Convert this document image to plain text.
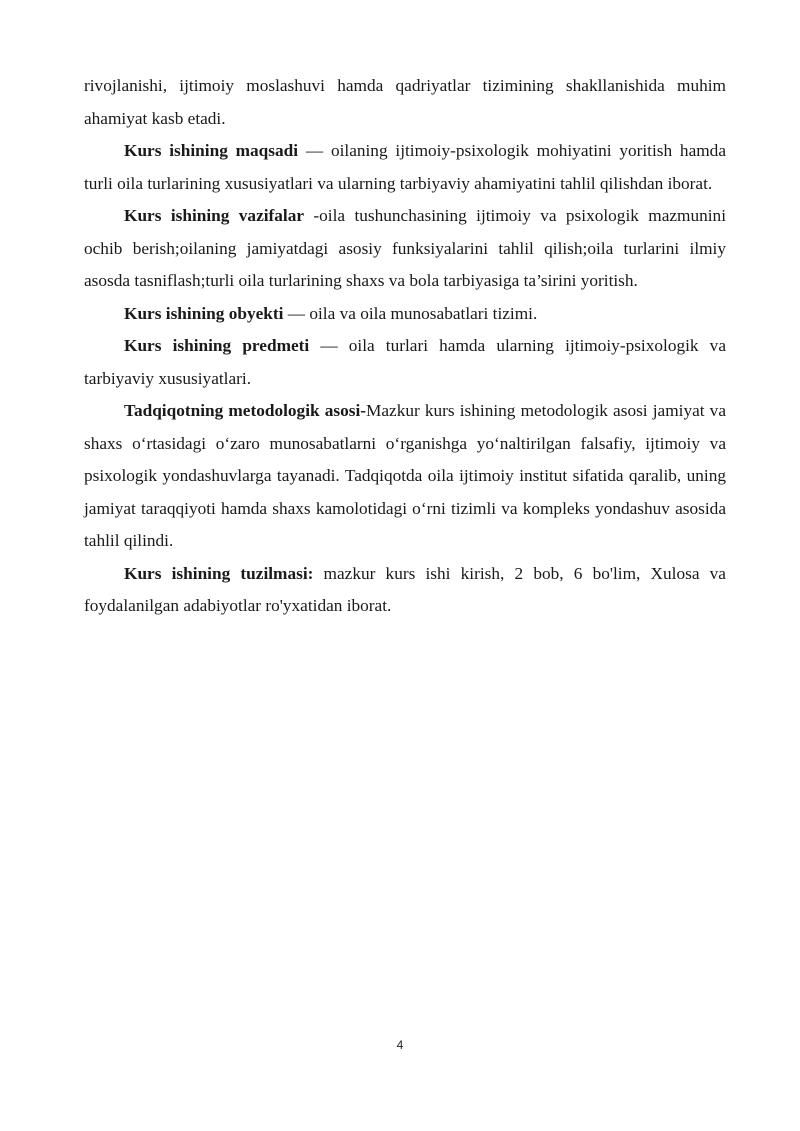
rivojlanishi, ijtimoiy moslashuvi hamda qadriyatlar tizimining shakllanishida muhim ahamiyat kasb etadi.

Kurs ishining maqsadi — oilaning ijtimoiy-psixologik mohiyatini yoritish hamda turli oila turlarining xususiyatlari va ularning tarbiyaviy ahamiyatini tahlil qilishdan iborat.

Kurs ishining vazifalar -oila tushunchasining ijtimoiy va psixologik mazmunini ochib berish;oilaning jamiyatdagi asosiy funksiyalarini tahlil qilish;oila turlarini ilmiy asosda tasniflash;turli oila turlarining shaxs va bola tarbiyasiga ta’sirini yoritish.

Kurs ishining obyekti — oila va oila munosabatlari tizimi.

Kurs ishining predmeti — oila turlari hamda ularning ijtimoiy-psixologik va tarbiyaviy xususiyatlari.

Tadqiqotning metodologik asosi-Mazkur kurs ishining metodologik asosi jamiyat va shaxs oʻrtasidagi oʻzaro munosabatlarni oʻrganishga yoʻnaltirilgan falsafiy, ijtimoiy va psixologik yondashuvlarga tayanadi. Tadqiqotda oila ijtimoiy institut sifatida qaralib, uning jamiyat taraqqiyoti hamda shaxs kamolotidagi oʻrni tizimli va kompleks yondashuv asosida tahlil qilindi.

Kurs ishining tuzilmasi: mazkur kurs ishi kirish, 2 bob, 6 bo'lim, Xulosa va foydalanilgan adabiyotlar ro'yxatidan iborat.

4
